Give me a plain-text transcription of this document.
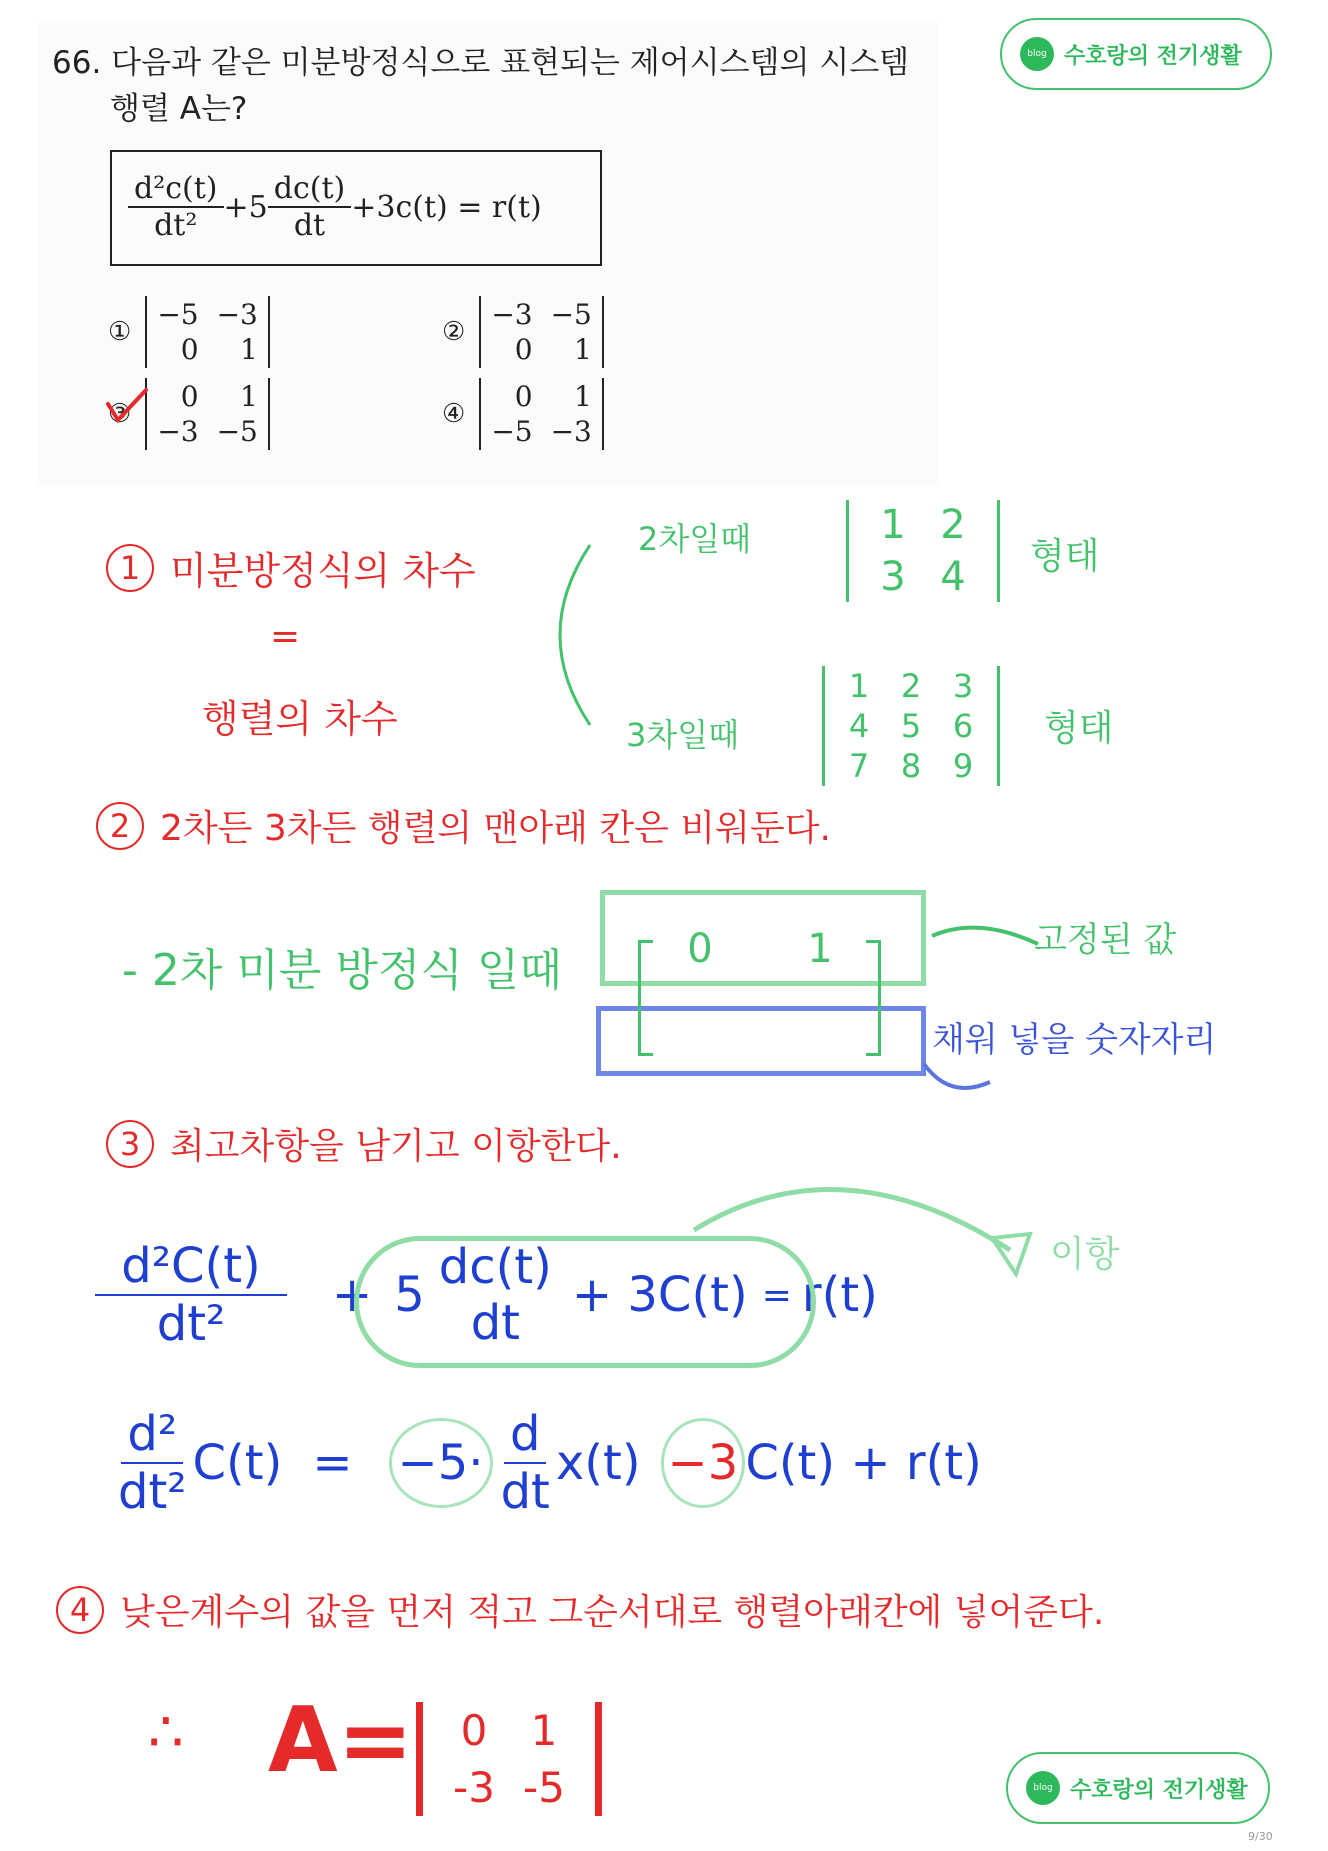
66. 다음과 같은 미분방정식으로 표현되는 제어시스템의 시스템
행렬 A는?
blog 수호랑의 전기생활
$\frac{\text{d²c(t)}}{\text{dt²}} +5 \frac{dc(t)}{dt} +3c(t) = r(t)$
①
−5 −3
0	1
②
−3 −5
0	1
③
0	1
−3 −5
④
0	1
−5 −3
1 미분방정식의 차수
=
행렬의 차수
2차일때	1 2
3 4	형태
3차일때
1 2 3
4 5 6
7 8 9
형태
2 2차든 3차든 행렬의 맨아래 칸은 비워둔다.
- 2차 미분 방정식 일때	0 1	고정된 값
채워 넣을 숫자자리
3 최고차항을 남기고 이항한다.
$\frac{\text{d²C(t)}}{\text{dt²}} + 5$ dc(t)
dt + 3C(t) = r(t)
이항
$\frac{\text{d²}}{\text{dt²}} C(t) = -5\cdot \frac{d}{dt} x(t) -3$ C(t) + r(t)
4 낮은계수의 값을 먼저 적고 그순서대로 행렬아래칸에 넣어준다.
∴ A=	0	1
-3 -5	blog 수호랑의 전기생활
9/30
